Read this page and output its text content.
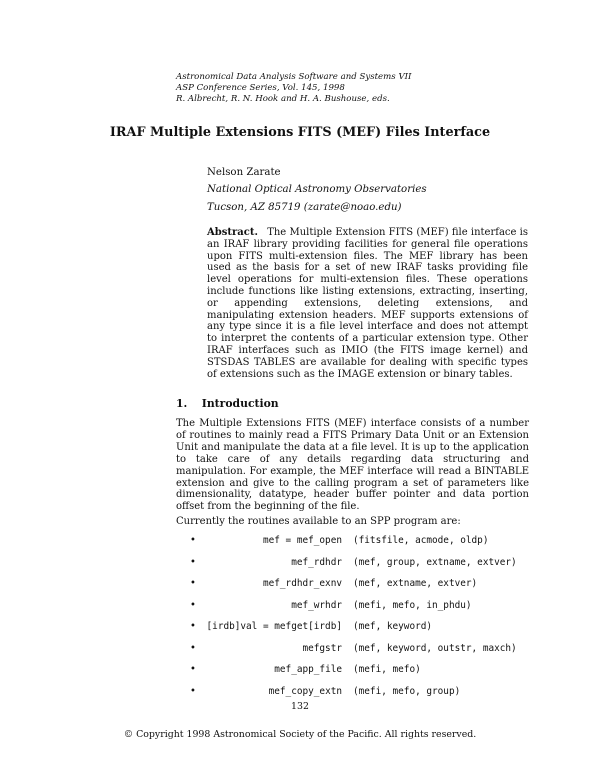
Astronomical Data Analysis Software and Systems VII
ASP Conference Series, Vol. 145, 1998
R. Albrecht, R. N. Hook and H. A. Bushouse, eds.
IRAF Multiple Extensions FITS (MEF) Files Interface
Nelson Zarate
National Optical Astronomy Observatories
Tucson, AZ 85719 (zarate@noao.edu)
Abstract. The Multiple Extension FITS (MEF) file interface is an IRAF library providing facilities for general file operations upon FITS multi-extension files. The MEF library has been used as the basis for a set of new IRAF tasks providing file level operations for multi-extension files. These operations include functions like listing extensions, extracting, inserting, or appending extensions, deleting extensions, and manipulating extension headers. MEF supports extensions of any type since it is a file level interface and does not attempt to interpret the contents of a particular extension type. Other IRAF interfaces such as IMIO (the FITS image kernel) and STSDAS TABLES are available for dealing with specific types of extensions such as the IMAGE extension or binary tables.
1. Introduction
The Multiple Extensions FITS (MEF) interface consists of a number of routines to mainly read a FITS Primary Data Unit or an Extension Unit and manipulate the data at a file level. It is up to the application to take care of any details regarding data structuring and manipulation. For example, the MEF interface will read a BINTABLE extension and give to the calling program a set of parameters like dimensionality, datatype, header buffer pointer and data portion offset from the beginning of the file.
Currently the routines available to an SPP program are:
•	mef = mef_open (fitsfile, acmode, oldp)
•	mef_rdhdr (mef, group, extname, extver)
•	mef_rdhdr_exnv (mef, extname, extver)
•	mef_wrhdr (mefi, mefo, in_phdu)
•	[irdb]val = mefget[irdb] (mef, keyword)
•	mefgstr (mef, keyword, outstr, maxch)
•	mef_app_file (mefi, mefo)
•	mef_copy_extn (mefi, mefo, group)
132
© Copyright 1998 Astronomical Society of the Pacific. All rights reserved.
